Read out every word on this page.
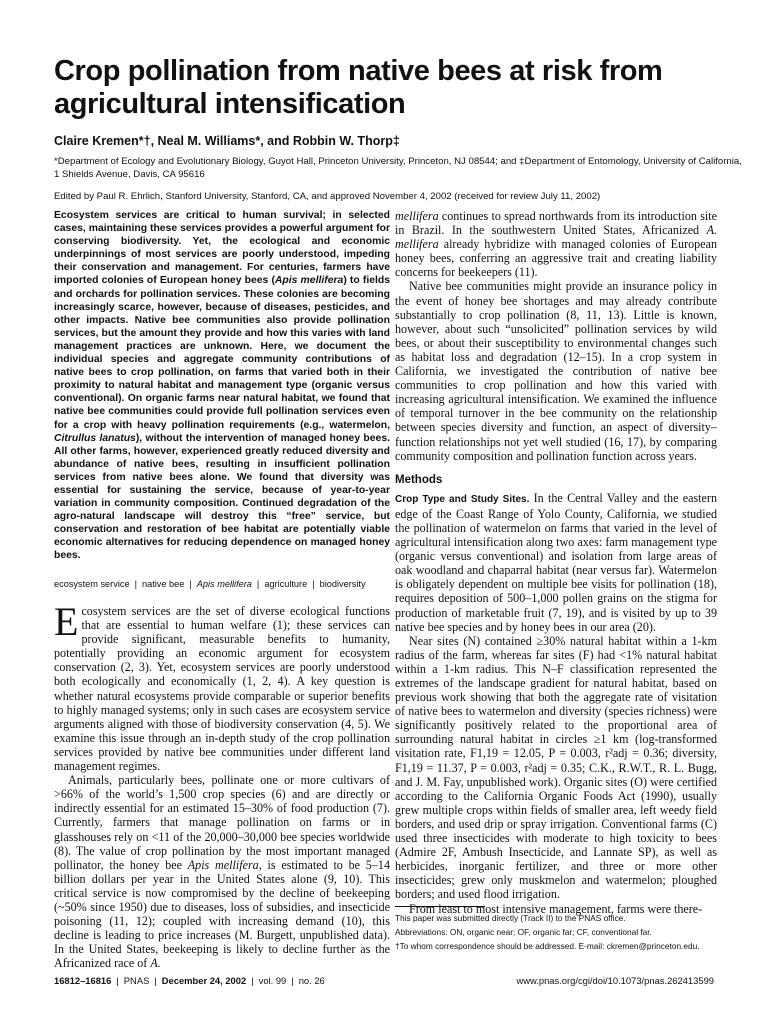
Crop pollination from native bees at risk from agricultural intensification
Claire Kremen*†, Neal M. Williams*, and Robbin W. Thorp‡
*Department of Ecology and Evolutionary Biology, Guyot Hall, Princeton University, Princeton, NJ 08544; and ‡Department of Entomology, University of California, 1 Shields Avenue, Davis, CA 95616
Edited by Paul R. Ehrlich, Stanford University, Stanford, CA, and approved November 4, 2002 (received for review July 11, 2002)
Ecosystem services are critical to human survival; in selected cases, maintaining these services provides a powerful argument for conserving biodiversity. Yet, the ecological and economic underpinnings of most services are poorly understood, impeding their conservation and management. For centuries, farmers have imported colonies of European honey bees (Apis mellifera) to fields and orchards for pollination services. These colonies are becoming increasingly scarce, however, because of diseases, pesticides, and other impacts. Native bee communities also provide pollination services, but the amount they provide and how this varies with land management practices are unknown. Here, we document the individual species and aggregate community contributions of native bees to crop pollination, on farms that varied both in their proximity to natural habitat and management type (organic versus conventional). On organic farms near natural habitat, we found that native bee communities could provide full pollination services even for a crop with heavy pollination requirements (e.g., watermelon, Citrullus lanatus), without the intervention of managed honey bees. All other farms, however, experienced greatly reduced diversity and abundance of native bees, resulting in insufficient pollination services from native bees alone. We found that diversity was essential for sustaining the service, because of year-to-year variation in community composition. Continued degradation of the agro-natural landscape will destroy this “free” service, but conservation and restoration of bee habitat are potentially viable economic alternatives for reducing dependence on managed honey bees.
ecosystem service | native bee | Apis mellifera | agriculture | biodiversity

Ecosystem services are the set of diverse ecological functions that are essential to human welfare (1); these services can provide significant, measurable benefits to humanity, potentially providing an economic argument for ecosystem conservation (2, 3). Yet, ecosystem services are poorly understood both ecologically and economically (1, 2, 4). A key question is whether natural ecosystems provide comparable or superior benefits to highly managed systems; only in such cases are ecosystem service arguments aligned with those of biodiversity conservation (4, 5). We examine this issue through an in-depth study of the crop pollination services provided by native bee communities under different land management regimes.

Animals, particularly bees, pollinate one or more cultivars of >66% of the world’s 1,500 crop species (6) and are directly or indirectly essential for an estimated 15–30% of food production (7). Currently, farmers that manage pollination on farms or in glasshouses rely on <11 of the 20,000–30,000 bee species worldwide (8). The value of crop pollination by the most important managed pollinator, the honey bee Apis mellifera, is estimated to be 5–14 billion dollars per year in the United States alone (9, 10). This critical service is now compromised by the decline of beekeeping (~50% since 1950) due to diseases, loss of subsidies, and insecticide poisoning (11, 12); coupled with increasing demand (10), this decline is leading to price increases (M. Burgett, unpublished data). In the United States, beekeeping is likely to decline further as the Africanized race of A.

mellifera continues to spread northwards from its introduction site in Brazil. In the southwestern United States, Africanized A. mellifera already hybridize with managed colonies of European honey bees, conferring an aggressive trait and creating liability concerns for beekeepers (11).

Native bee communities might provide an insurance policy in the event of honey bee shortages and may already contribute substantially to crop pollination (8, 11, 13). Little is known, however, about such “unsolicited” pollination services by wild bees, or about their susceptibility to environmental changes such as habitat loss and degradation (12–15). In a crop system in California, we investigated the contribution of native bee communities to crop pollination and how this varied with increasing agricultural intensification. We examined the influence of temporal turnover in the bee community on the relationship between species diversity and function, an aspect of diversity–function relationships not yet well studied (16, 17), by comparing community composition and pollination function across years.

Methods

Crop Type and Study Sites. In the Central Valley and the eastern edge of the Coast Range of Yolo County, California, we studied the pollination of watermelon on farms that varied in the level of agricultural intensification along two axes: farm management type (organic versus conventional) and isolation from large areas of oak woodland and chaparral habitat (near versus far). Watermelon is obligately dependent on multiple bee visits for pollination (18), requires deposition of 500–1,000 pollen grains on the stigma for production of marketable fruit (7, 19), and is visited by up to 39 native bee species and by honey bees in our area (20).

Near sites (N) contained ≥30% natural habitat within a 1-km radius of the farm, whereas far sites (F) had <1% natural habitat within a 1-km radius. This N–F classification represented the extremes of the landscape gradient for natural habitat, based on previous work showing that both the aggregate rate of visitation of native bees to watermelon and diversity (species richness) were significantly positively related to the proportional area of surrounding natural habitat in circles ≥1 km (log-transformed visitation rate, F1,19 = 12.05, P = 0.003, r²adj = 0.36; diversity, F1,19 = 11.37, P = 0.003, r²adj = 0.35; C.K., R.W.T., R. L. Bugg, and J. M. Fay, unpublished work). Organic sites (O) were certified according to the California Organic Foods Act (1990), usually grew multiple crops within fields of smaller area, left weedy field borders, and used drip or spray irrigation. Conventional farms (C) used three insecticides with moderate to high toxicity to bees (Admire 2F, Ambush Insecticide, and Lannate SP), as well as herbicides, inorganic fertilizer, and three or more other insecticides; grew only muskmelon and watermelon; ploughed borders; and used flood irrigation.

From least to most intensive management, farms were there-

This paper was submitted directly (Track II) to the PNAS office.
Abbreviations: ON, organic near; OF, organic far; CF, conventional far.
†To whom correspondence should be addressed. E-mail: ckremen@princeton.edu.
16812–16816 | PNAS | December 24, 2002 | vol. 99 | no. 26	www.pnas.org/cgi/doi/10.1073/pnas.262413599
